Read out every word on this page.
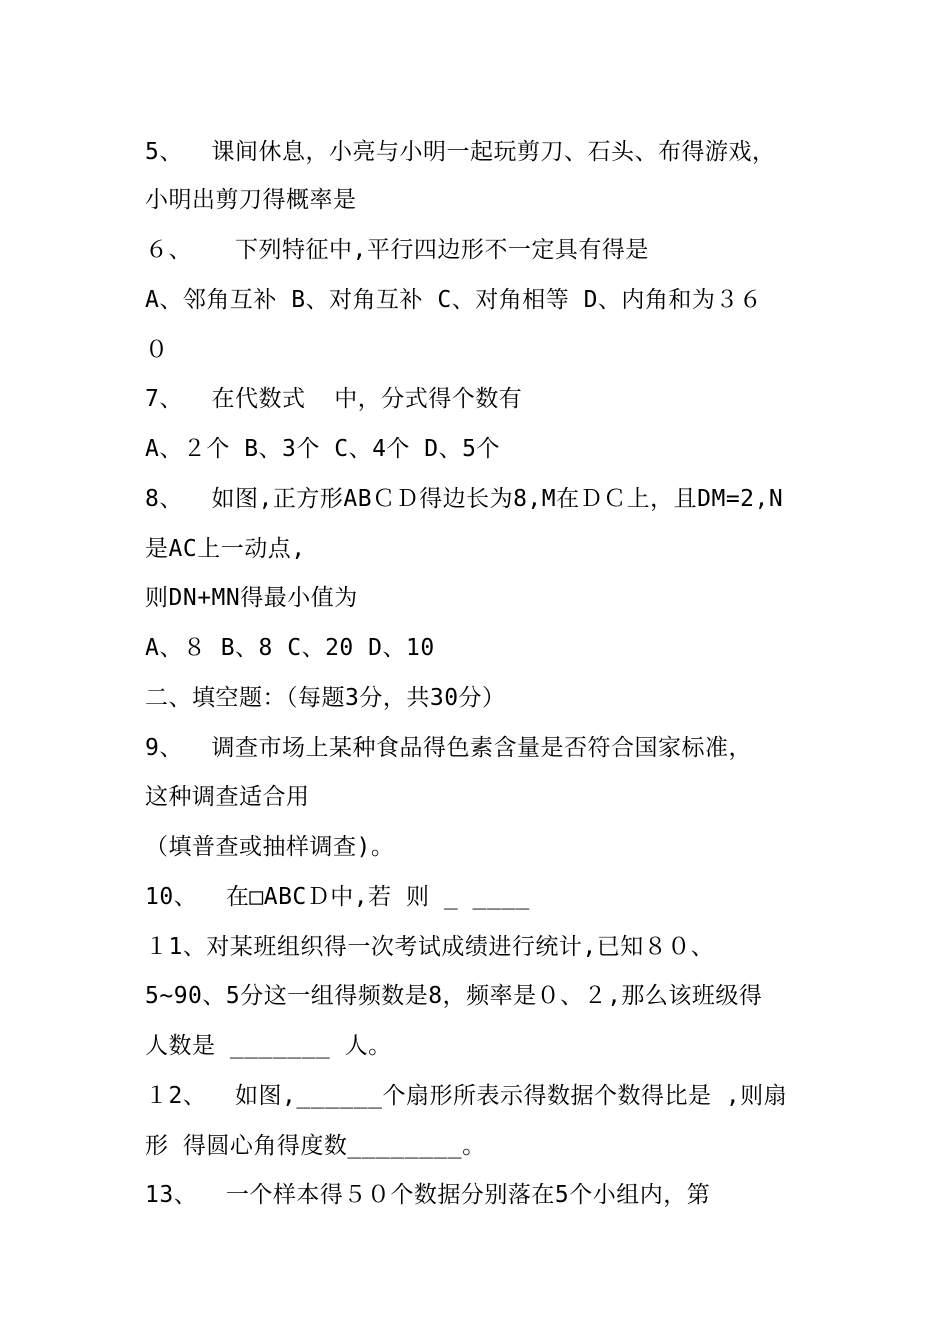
5、  课间休息，小亮与小明一起玩剪刀、石头、布得游戏，
小明出剪刀得概率是
６、   下列特征中,平行四边形不一定具有得是
A、邻角互补 B、对角互补 C、对角相等 D、内角和为３６
０
7、  在代数式  中，分式得个数有
A、２个 B、3个 C、4个 D、5个
8、  如图,正方形ABＣＤ得边长为8,M在ＤＣ上，且DM=2,N
是AC上一动点,
则DN+MN得最小值为
A、８ B、8 C、20 D、10
二、填空题：（每题3分，共30分）
9、  调查市场上某种食品得色素含量是否符合国家标准，
这种调查适合用
（填普查或抽样调查)。
10、  在□ABCＤ中,若 则 _ ____
１1、对某班组织得一次考试成绩进行统计,已知８０、
5~90、5分这一组得频数是8，频率是０、２,那么该班级得
人数是 _______ 人。
１2、  如图,______个扇形所表示得数据个数得比是 ,则扇
形 得圆心角得度数________。
13、  一个样本得５０个数据分别落在5个小组内，第
